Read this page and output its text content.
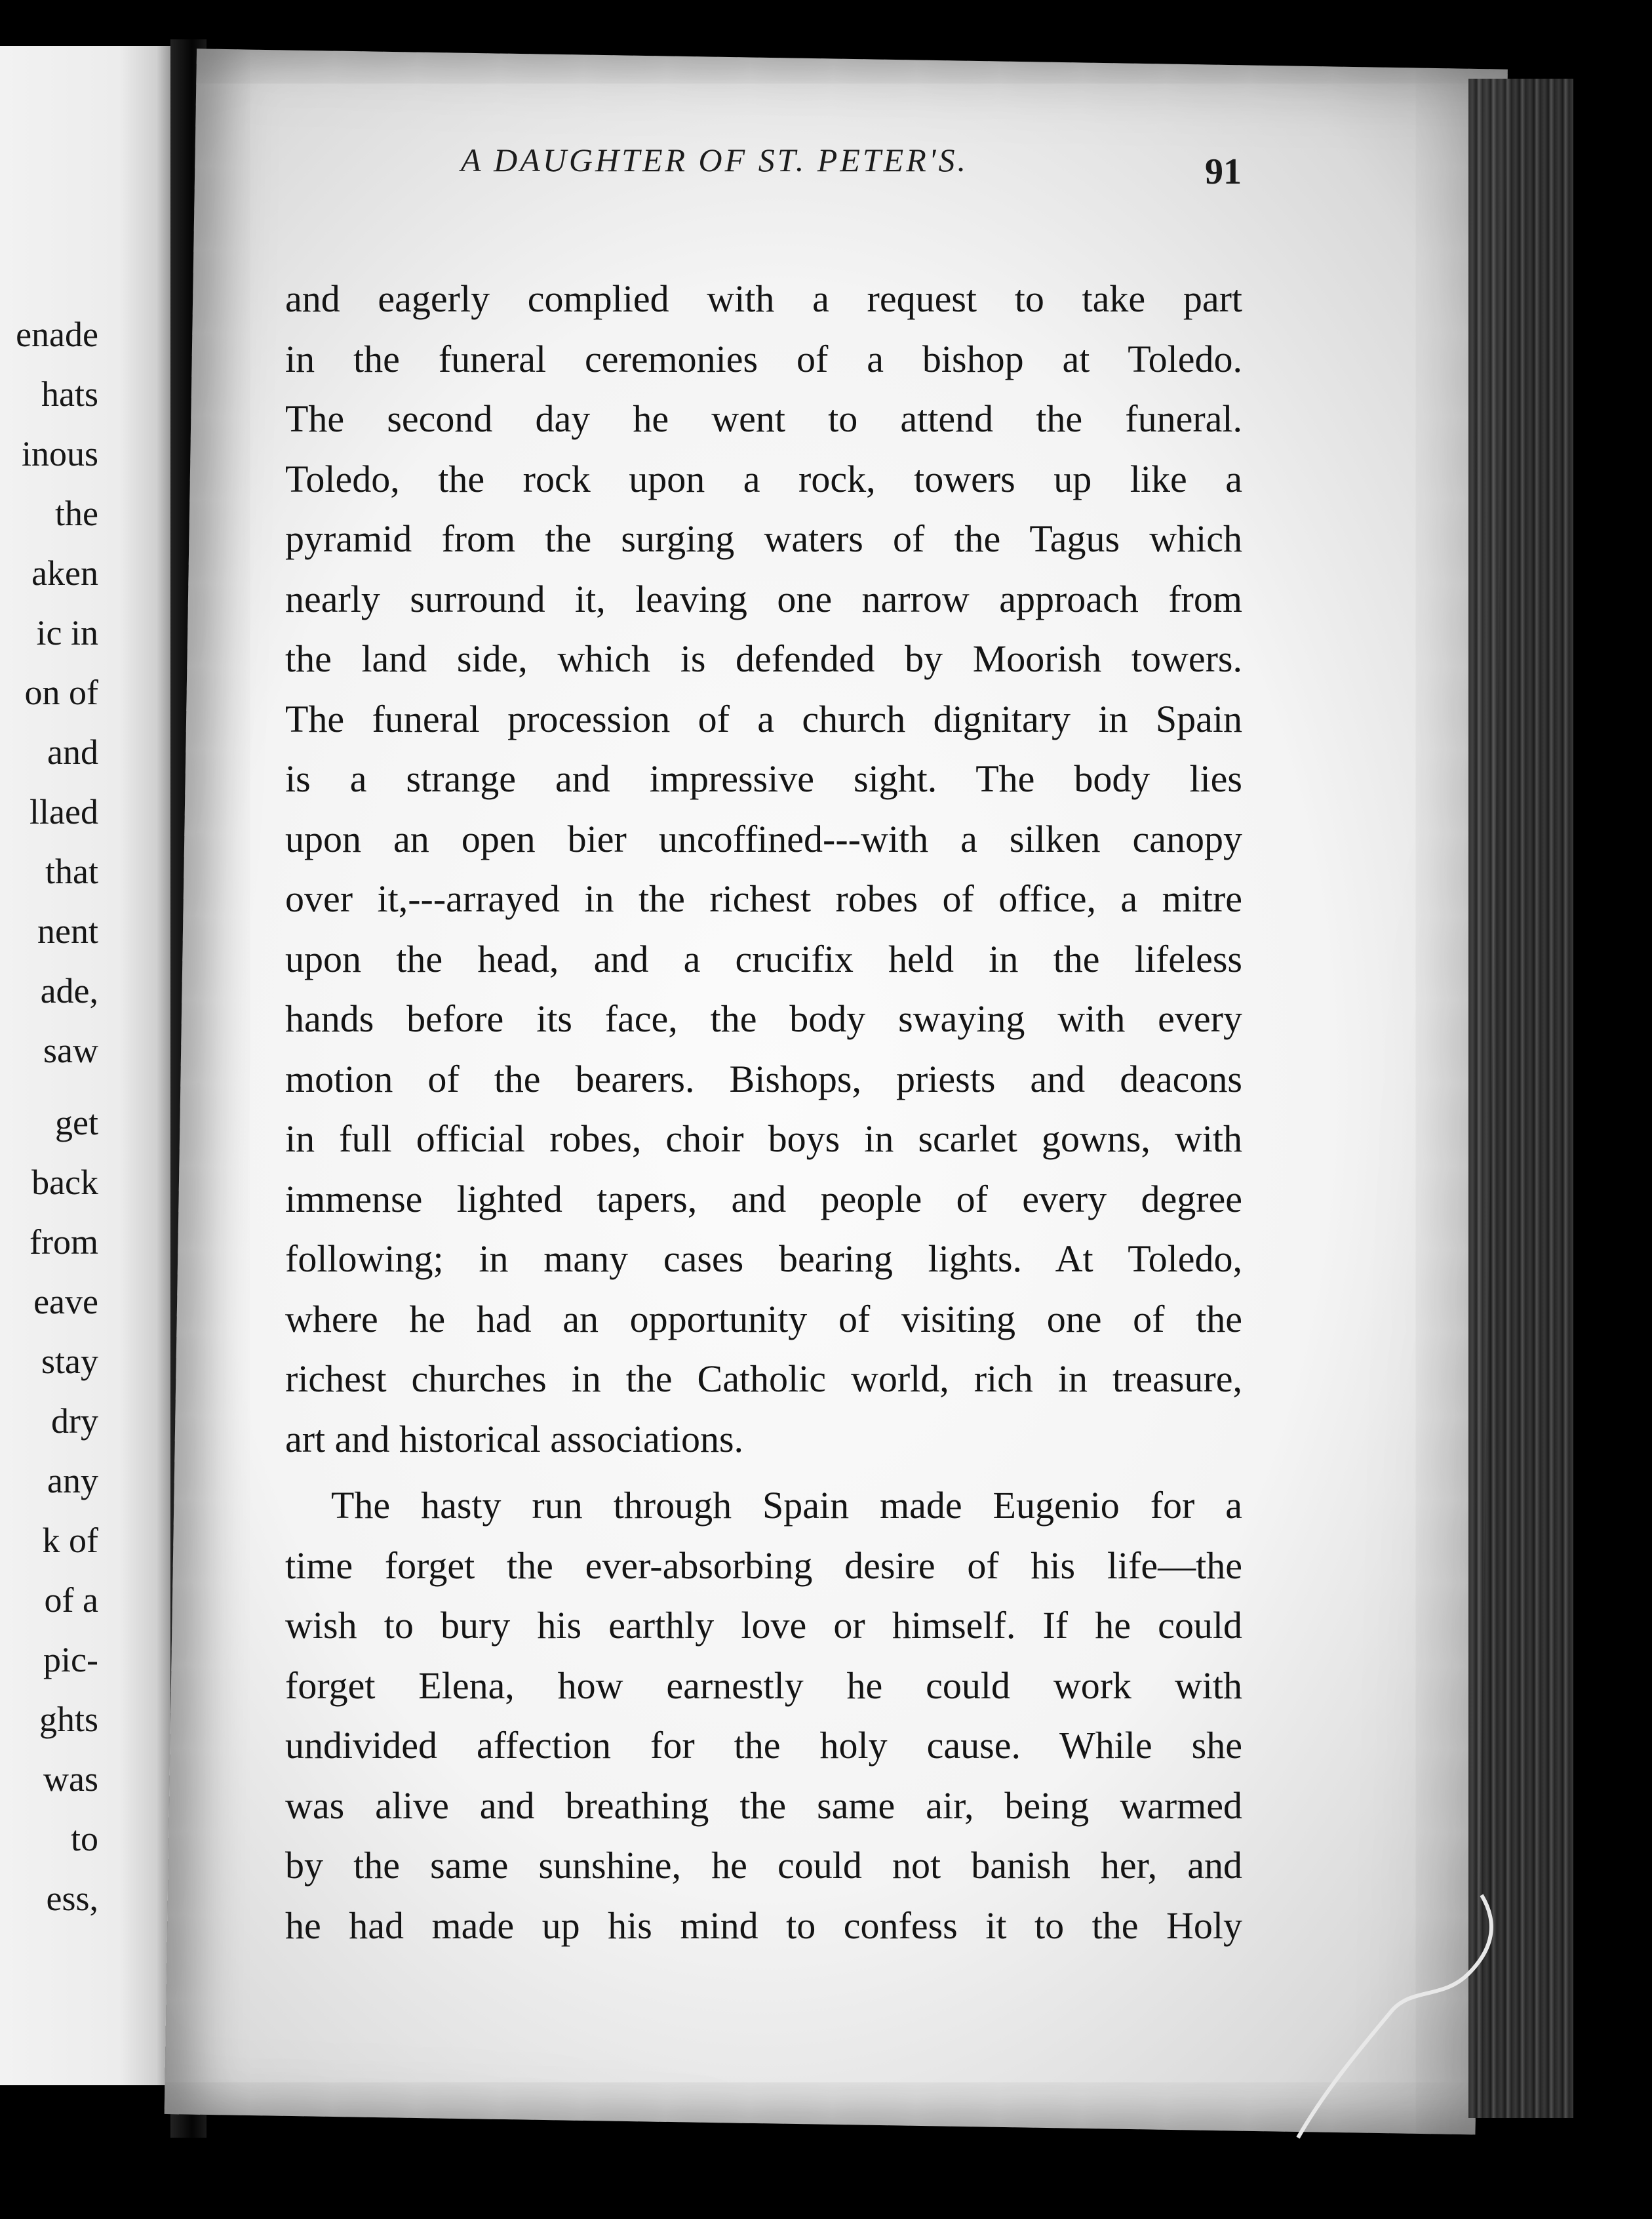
enade
hats
inous
the
aken
ic in
on of
and
llaed
that
nent
ade,
saw
get
back
from
eave
stay
dry
any
k of
of a
pic-
ghts
was
to
ess,
A DAUGHTER OF ST. PETER'S.	91
and eagerly complied with a request to take part
in the funeral ceremonies of a bishop at Toledo.
The second day he went to attend the funeral.
Toledo, the rock upon a rock, towers up like a
pyramid from the surging waters of the Tagus which
nearly surround it, leaving one narrow approach from
the land side, which is defended by Moorish towers.
The funeral procession of a church dignitary in Spain
is a strange and impressive sight. The body lies
upon an open bier uncoffined---with a silken canopy
over it,---arrayed in the richest robes of office, a mitre
upon the head, and a crucifix held in the lifeless
hands before its face, the body swaying with every
motion of the bearers. Bishops, priests and deacons
in full official robes, choir boys in scarlet gowns, with
immense lighted tapers, and people of every degree
following; in many cases bearing lights. At Toledo,
where he had an opportunity of visiting one of the
richest churches in the Catholic world, rich in treasure,
art and historical associations.
The hasty run through Spain made Eugenio for a
time forget the ever-absorbing desire of his life—the
wish to bury his earthly love or himself. If he could
forget Elena, how earnestly he could work with
undivided affection for the holy cause. While she
was alive and breathing the same air, being warmed
by the same sunshine, he could not banish her, and
he had made up his mind to confess it to the Holy
